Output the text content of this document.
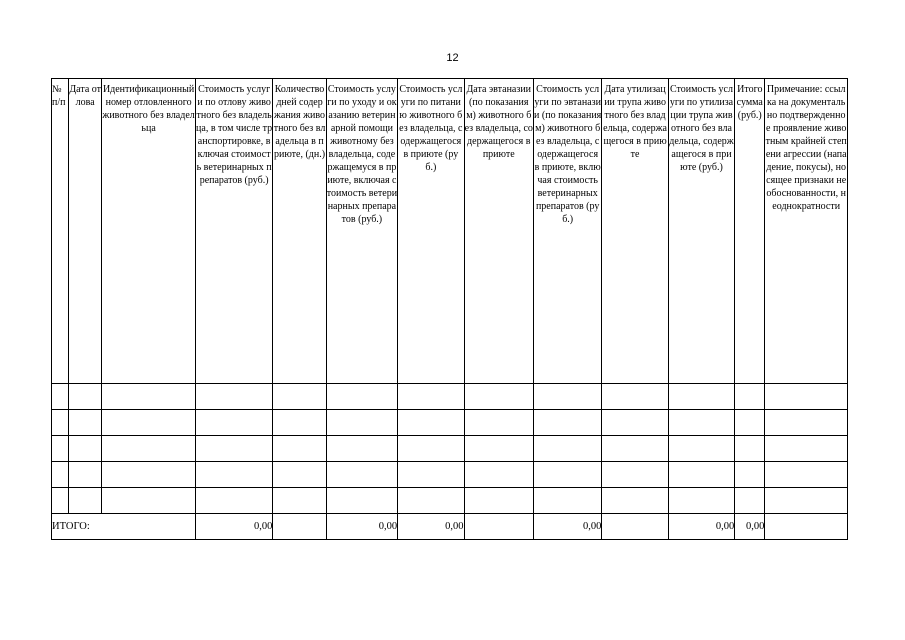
12
№ п/п	Дата отлова	Идентификационный номер отловленного животного без владельца	Стоимость услуги по отлову животного без владельца, в том числе транспортировке, включая стоимость ветеринарных препаратов (руб.)	Количество дней содержания животного без владельца в приюте, (дн.)	Стоимость услуги по уходу и оказанию ветеринарной помощи животному без владельца, содержащемуся в приюте, включая стоимость ветеринарных препаратов (руб.)	Стоимость услуги по питанию животного без владельца, содержащегося в приюте (руб.)	Дата эвтаназии (по показаниям) животного без владельца, содержащегося в приюте	Стоимость услуги по эвтаназии (по показаниям) животного без владельца, содержащегося в приюте, включая стоимость ветеринарных препаратов (руб.)	Дата утилизации трупа животного без владельца, содержащегося в приюте	Стоимость услуги по утилизации трупа животного без владельца, содержащегося в приюте (руб.)	Итого сумма (руб.)	Примечание: ссылка на документально подтвержденное проявление животным крайней степени агрессии (нападение, покусы), носящее признаки необоснованности, неоднократности

ИТОГО:			0,00		0,00	0,00		0,00		0,00	0,00	
